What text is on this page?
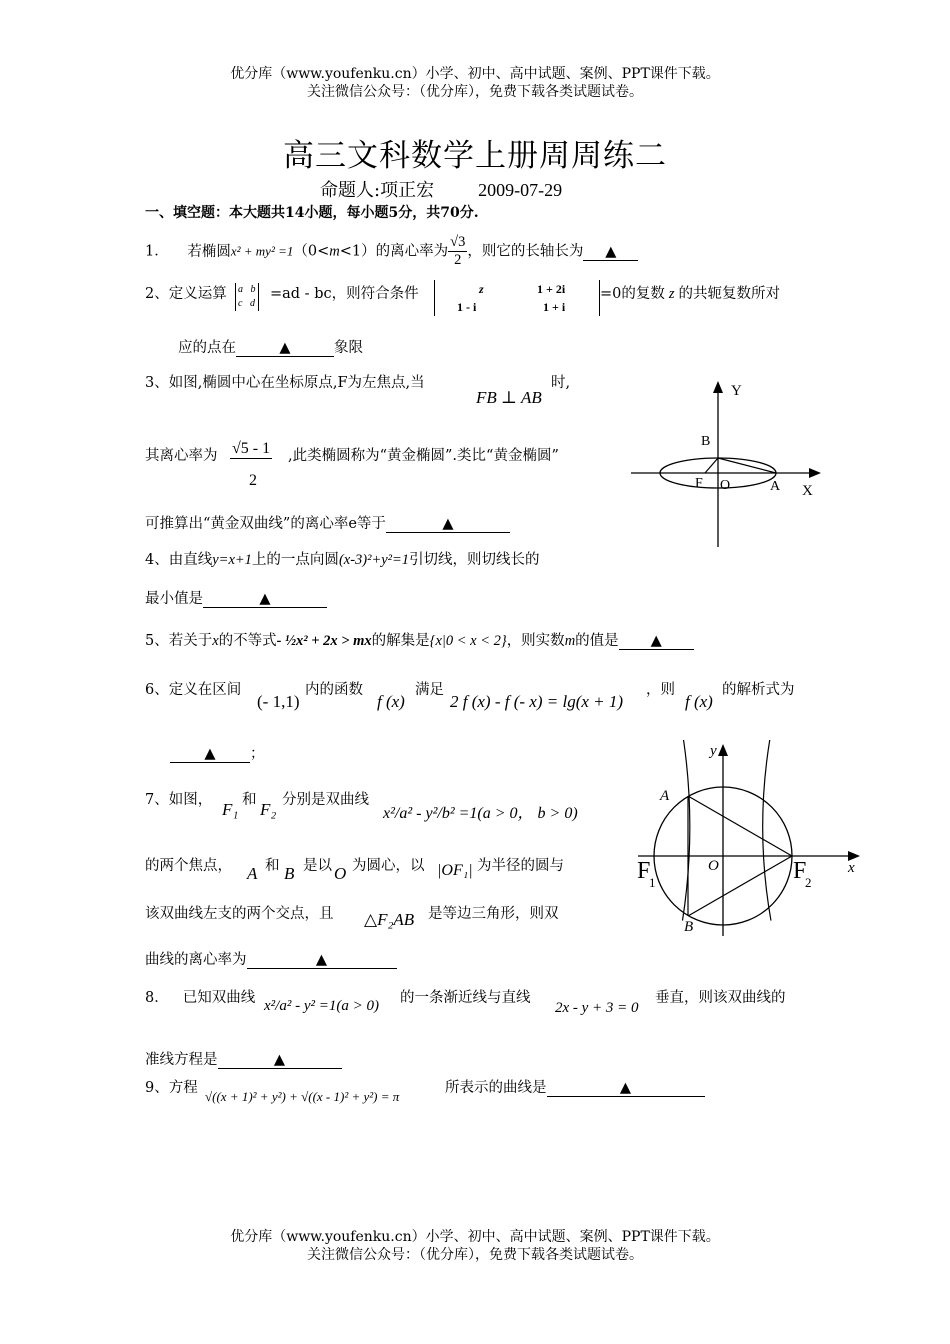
优分库（www.youfenku.cn）小学、初中、高中试题、案例、PPT课件下载。
关注微信公众号：（优分库），免费下载各类试题试卷。
高三文科数学上册周周练二
命题人:项正宏 2009-07-29
一、填空题：本大题共14小题，每小题5分，共70分.
1． 若椭圆x² + my² =1（0<m<1）的离心率为 $\frac{√3}{2}$ ，则它的长轴长为 ▲
2、定义运算	a   b
c   d
=ad - bc，则符合条件	z	1 + 2i
1 - i	1 + i
=0的复数 z 的共轭复数所对
应的点在	▲	象限
3、如图,椭圆中心在坐标原点,F为左焦点,当
FB ⊥ AB
时,
其离心率为 √5 - 1
2
,此类椭圆称为“黄金椭圆”.类比“黄金椭圆”
可推算出“黄金双曲线”的离心率e等于	▲
Y
X
B
F O	A
4、由直线y=x+1上的一点向圆(x-3)²+y²=1引切线，则切线长的
最小值是	▲
5、若关于x的不等式- ½x² + 2x > mx的解集是{x|0 < x < 2}，则实数m的值是 ▲
6、定义在区间
(- 1,1)
内的函数
f (x)
满足
2 f (x) - f (- x) = lg(x + 1)
，则
f (x)
的解析式为
▲ ；
7、如图， F₁ 和 F₂ 分别是双曲线
x²/a² - y²/b² =1(a > 0， b > 0)
的两个焦点， A 和 B 是以 O 为圆心，以 |OF₁| 为半径的圆与
该双曲线左支的两个交点，且 △F₂AB 是等边三角形，则双
曲线的离心率为	▲
y
x
A
B
O
F
1	F
2
8． 已知双曲线 x²/a² - y² =1(a > 0) 的一条渐近线与直线
2x - y + 3 = 0
垂直，则该双曲线的
准线方程是	▲
9、方程
√((x + 1)² + y²) + √((x - 1)² + y²) = π
所表示的曲线是	▲
优分库（www.youfenku.cn）小学、初中、高中试题、案例、PPT课件下载。
关注微信公众号：（优分库），免费下载各类试题试卷。
